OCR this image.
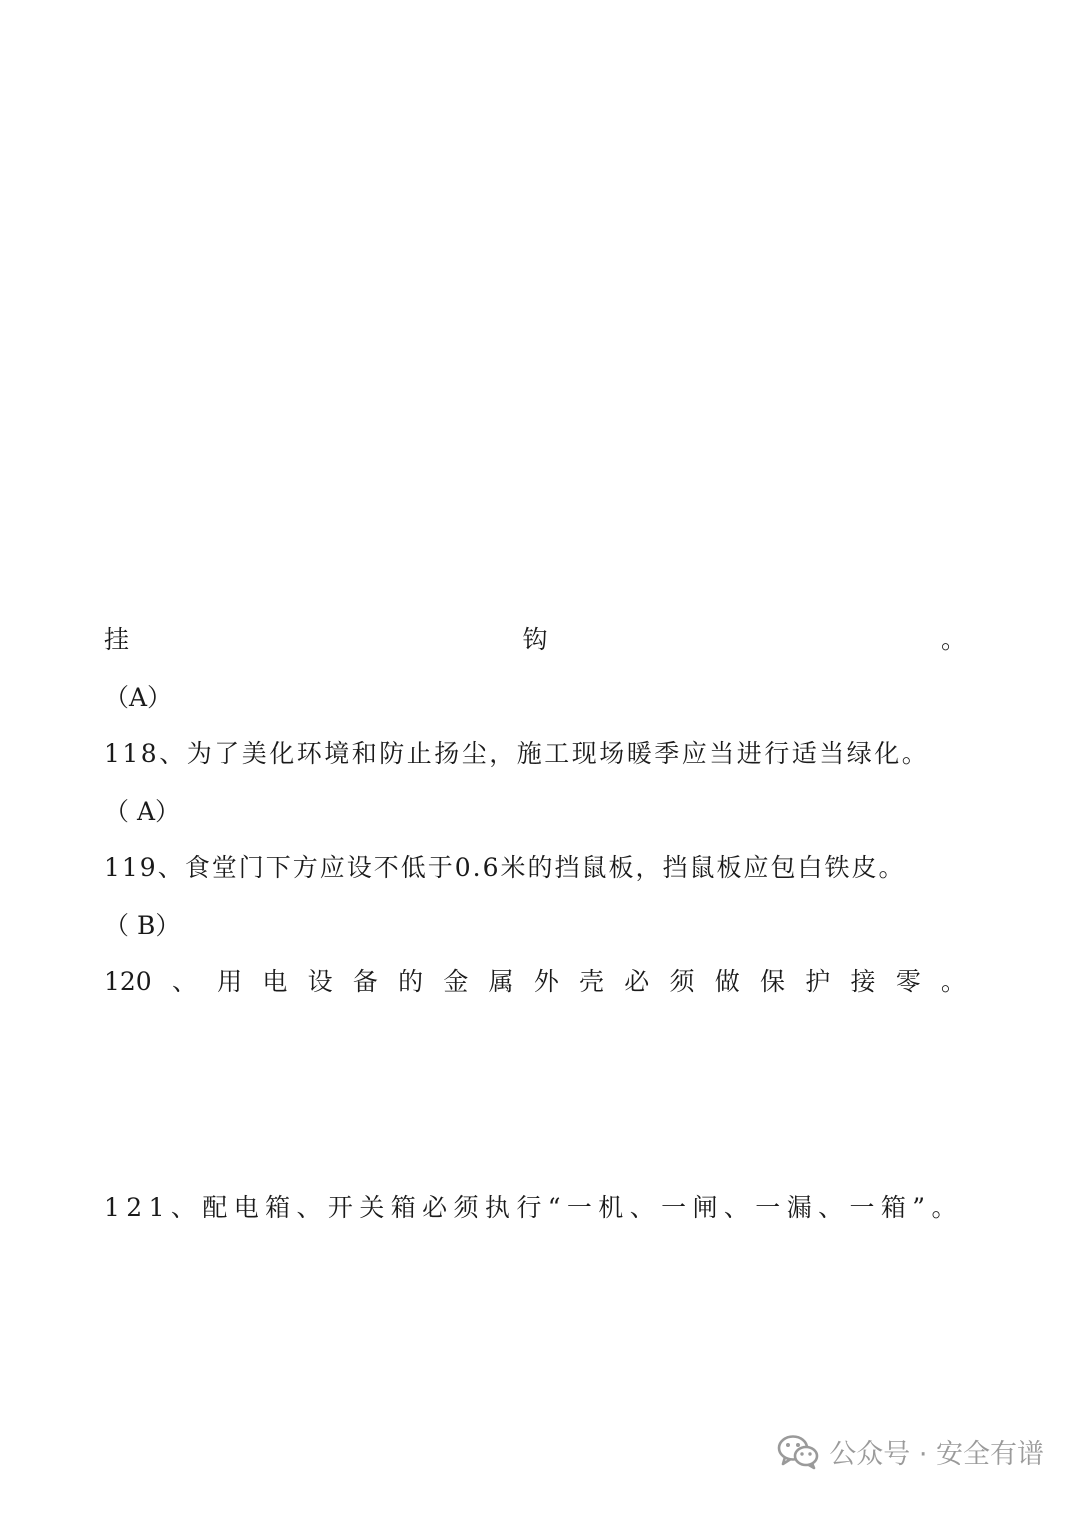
挂	钩	。
（A）
118、为了美化环境和防止扬尘，施工现场暖季应当进行适当绿化。
（ A）
119、食堂门下方应设不低于0.6米的挡鼠板，挡鼠板应包白铁皮。
（ B）
120 、 用 电 设 备 的 金 属 外 壳 必 须 做 保 护 接 零 。
121、配电箱、开关箱必须执行“一机、一闸、一漏、一箱”。
公众号 · 安全有谱
